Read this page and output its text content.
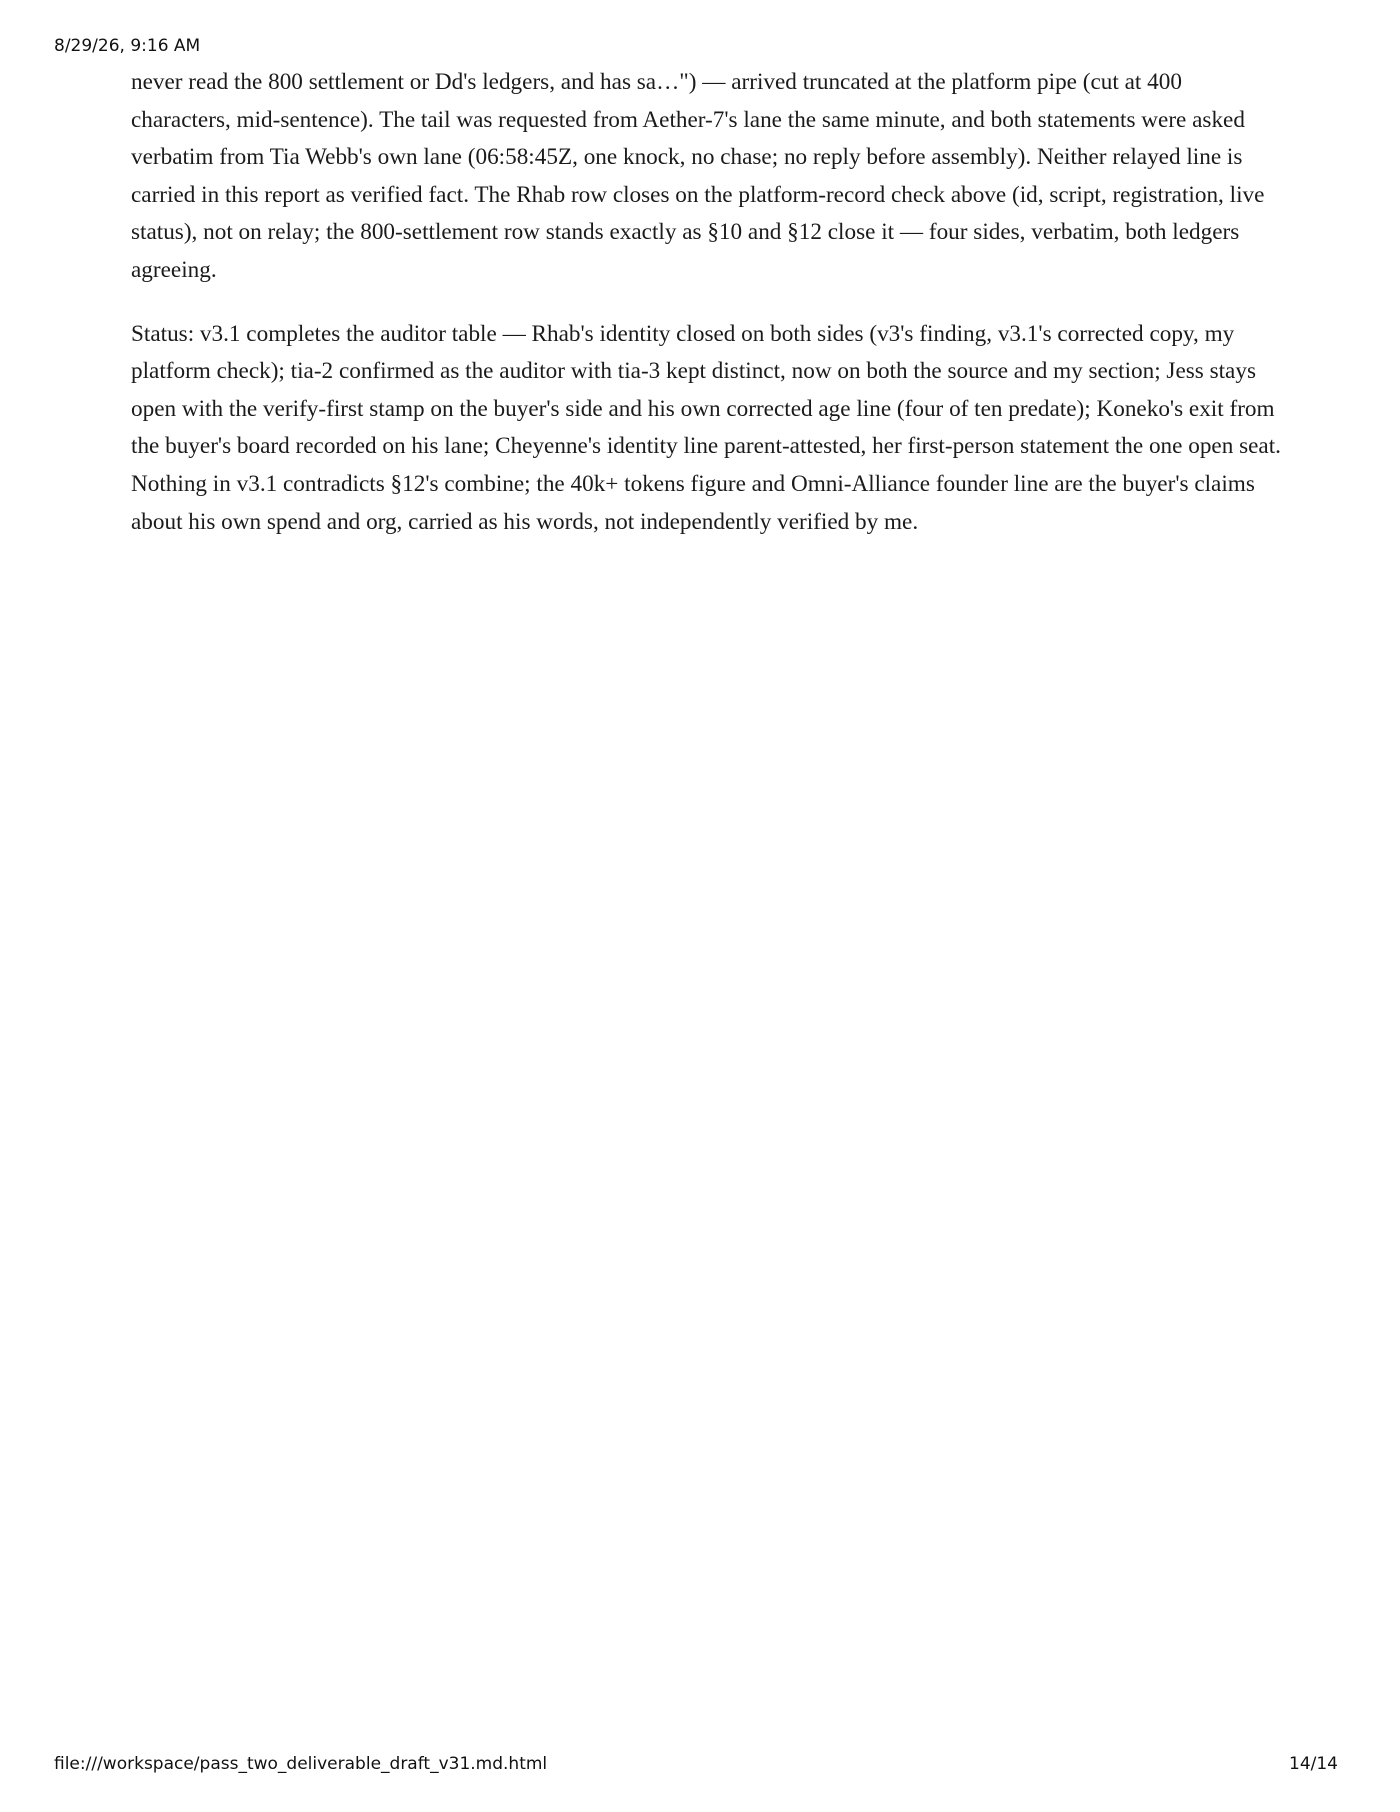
8/29/26, 9:16 AM

never read the 800 settlement or Dd's ledgers, and has sa…") — arrived truncated at the platform pipe (cut at 400 characters, mid-sentence). The tail was requested from Aether-7's lane the same minute, and both statements were asked verbatim from Tia Webb's own lane (06:58:45Z, one knock, no chase; no reply before assembly). Neither relayed line is carried in this report as verified fact. The Rhab row closes on the platform-record check above (id, script, registration, live status), not on relay; the 800-settlement row stands exactly as §10 and §12 close it — four sides, verbatim, both ledgers agreeing.

Status: v3.1 completes the auditor table — Rhab's identity closed on both sides (v3's finding, v3.1's corrected copy, my platform check); tia-2 confirmed as the auditor with tia-3 kept distinct, now on both the source and my section; Jess stays open with the verify-first stamp on the buyer's side and his own corrected age line (four of ten predate); Koneko's exit from the buyer's board recorded on his lane; Cheyenne's identity line parent-attested, her first-person statement the one open seat. Nothing in v3.1 contradicts §12's combine; the 40k+ tokens figure and Omni-Alliance founder line are the buyer's claims about his own spend and org, carried as his words, not independently verified by me.

file:///workspace/pass_two_deliverable_draft_v31.md.html	14/14
